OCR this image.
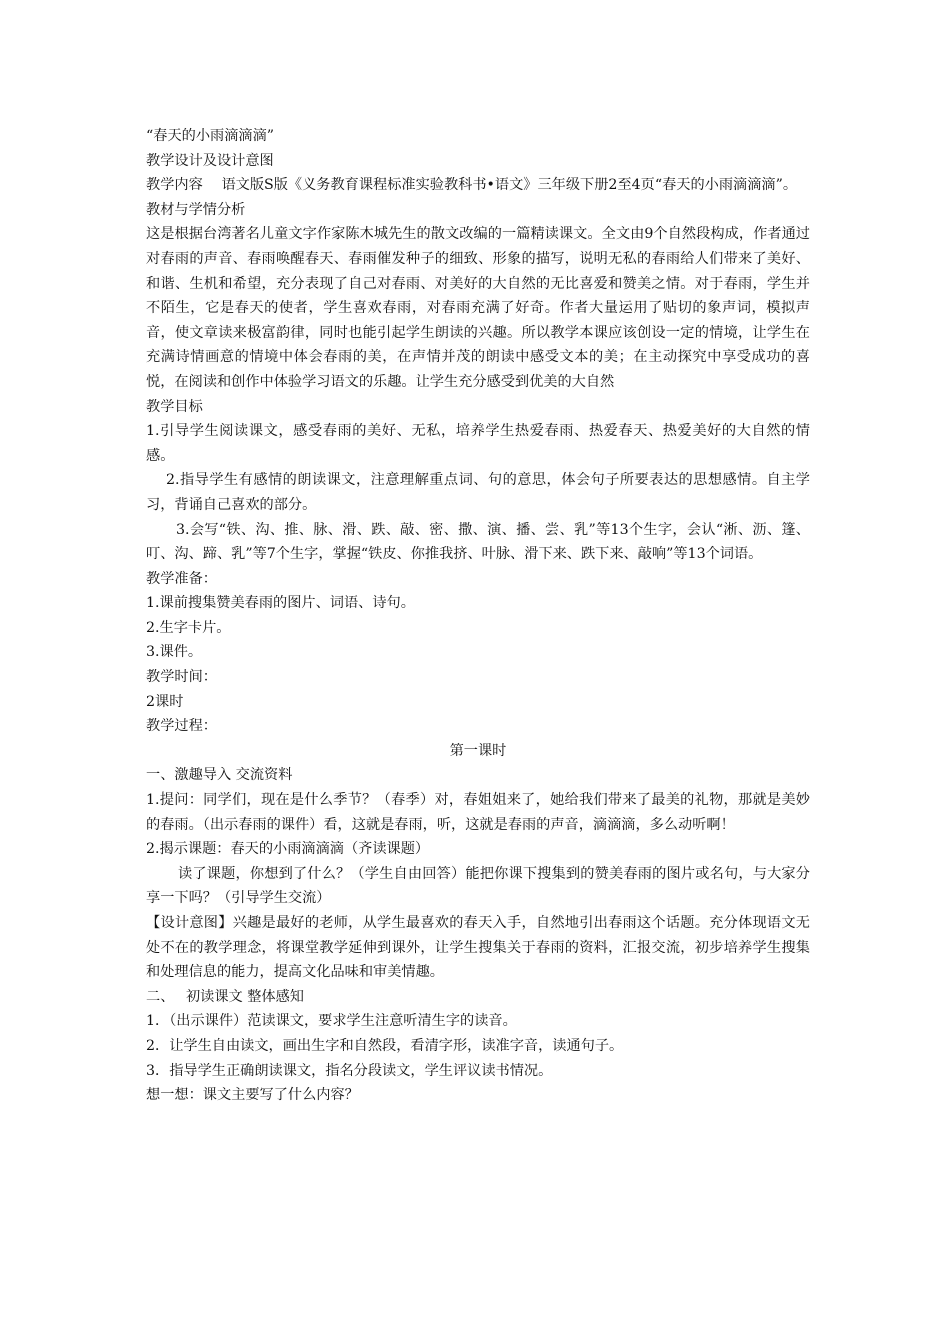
“春天的小雨滴滴滴”

教学设计及设计意图

教学内容　 语文版S版《义务教育课程标准实验教科书•语文》三年级下册2至4页“春天的小雨滴滴滴”。

教材与学情分析

这是根据台湾著名儿童文字作家陈木城先生的散文改编的一篇精读课文。全文由9个自然段构成，作者通过对春雨的声音、春雨唤醒春天、春雨催发种子的细致、形象的描写，说明无私的春雨给人们带来了美好、和谐、生机和希望，充分表现了自己对春雨、对美好的大自然的无比喜爱和赞美之情。对于春雨，学生并不陌生，它是春天的使者，学生喜欢春雨，对春雨充满了好奇。作者大量运用了贴切的象声词，模拟声音，使文章读来极富韵律，同时也能引起学生朗读的兴趣。所以教学本课应该创设一定的情境，让学生在充满诗情画意的情境中体会春雨的美，在声情并茂的朗读中感受文本的美；在主动探究中享受成功的喜悦，在阅读和创作中体验学习语文的乐趣。让学生充分感受到优美的大自然

教学目标

1.引导学生阅读课文，感受春雨的美好、无私，培养学生热爱春雨、热爱春天、热爱美好的大自然的情感。

2.指导学生有感情的朗读课文，注意理解重点词、句的意思，体会句子所要表达的思想感情。自主学习，背诵自己喜欢的部分。

3.会写“铁、沟、推、脉、滑、跌、敲、密、撒、演、播、尝、乳”等13个生字，会认“淅、沥、篷、叮、沟、蹄、乳”等7个生字，掌握“铁皮、你推我挤、叶脉、滑下来、跌下来、敲响”等13个词语。

教学准备：

1.课前搜集赞美春雨的图片、词语、诗句。

2.生字卡片。

3.课件。

教学时间：

2课时

教学过程：

第一课时

一、激趣导入 交流资料

1.提问：同学们，现在是什么季节？（春季）对，春姐姐来了，她给我们带来了最美的礼物，那就是美妙的春雨。（出示春雨的课件）看，这就是春雨，听，这就是春雨的声音，滴滴滴，多么动听啊！

2.揭示课题：春天的小雨滴滴滴（齐读课题）

读了课题，你想到了什么？（学生自由回答）能把你课下搜集到的赞美春雨的图片或名句，与大家分享一下吗？（引导学生交流）

【设计意图】兴趣是最好的老师，从学生最喜欢的春天入手，自然地引出春雨这个话题。充分体现语文无处不在的教学理念，将课堂教学延伸到课外，让学生搜集关于春雨的资料，汇报交流，初步培养学生搜集和处理信息的能力，提高文化品味和审美情趣。

二、　 初读课文 整体感知

1．（出示课件）范读课文，要求学生注意听清生字的读音。

2．让学生自由读文，画出生字和自然段，看清字形，读准字音，读通句子。

3．指导学生正确朗读课文，指名分段读文，学生评议读书情况。

想一想：课文主要写了什么内容？
